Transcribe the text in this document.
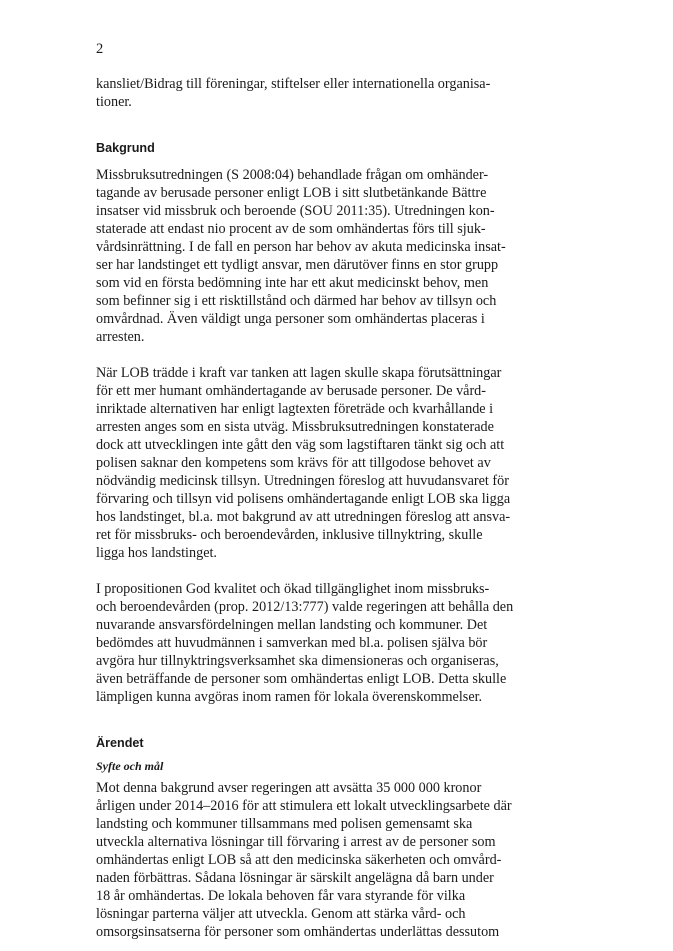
2
kansliet/Bidrag till föreningar, stiftelser eller internationella organisa-
tioner.
Bakgrund
Missbruksutredningen (S 2008:04) behandlade frågan om omhänder-
tagande av berusade personer enligt LOB i sitt slutbetänkande Bättre
insatser vid missbruk och beroende (SOU 2011:35). Utredningen kon-
staterade att endast nio procent av de som omhändertas förs till sjuk-
vårdsinrättning. I de fall en person har behov av akuta medicinska insat-
ser har landstinget ett tydligt ansvar, men därutöver finns en stor grupp
som vid en första bedömning inte har ett akut medicinskt behov, men
som befinner sig i ett risktillstånd och därmed har behov av tillsyn och
omvårdnad. Även väldigt unga personer som omhändertas placeras i
arresten.
När LOB trädde i kraft var tanken att lagen skulle skapa förutsättningar
för ett mer humant omhändertagande av berusade personer. De vård-
inriktade alternativen har enligt lagtexten företräde och kvarhållande i
arresten anges som en sista utväg. Missbruksutredningen konstaterade
dock att utvecklingen inte gått den väg som lagstiftaren tänkt sig och att
polisen saknar den kompetens som krävs för att tillgodose behovet av
nödvändig medicinsk tillsyn. Utredningen föreslog att huvudansvaret för
förvaring och tillsyn vid polisens omhändertagande enligt LOB ska ligga
hos landstinget, bl.a. mot bakgrund av att utredningen föreslog att ansva-
ret för missbruks- och beroendevården, inklusive tillnyktring, skulle
ligga hos landstinget.
I propositionen God kvalitet och ökad tillgänglighet inom missbruks-
och beroendevården (prop. 2012/13:777) valde regeringen att behålla den
nuvarande ansvarsfördelningen mellan landsting och kommuner. Det
bedömdes att huvudmännen i samverkan med bl.a. polisen själva bör
avgöra hur tillnyktringsverksamhet ska dimensioneras och organiseras,
även beträffande de personer som omhändertas enligt LOB. Detta skulle
lämpligen kunna avgöras inom ramen för lokala överenskommelser.
Ärendet
Syfte och mål
Mot denna bakgrund avser regeringen att avsätta 35 000 000 kronor
årligen under 2014–2016 för att stimulera ett lokalt utvecklingsarbete där
landsting och kommuner tillsammans med polisen gemensamt ska
utveckla alternativa lösningar till förvaring i arrest av de personer som
omhändertas enligt LOB så att den medicinska säkerheten och omvård-
naden förbättras. Sådana lösningar är särskilt angelägna då barn under
18 år omhändertas. De lokala behoven får vara styrande för vilka
lösningar parterna väljer att utveckla. Genom att stärka vård- och
omsorgsinsatserna för personer som omhändertas underlättas dessutom
